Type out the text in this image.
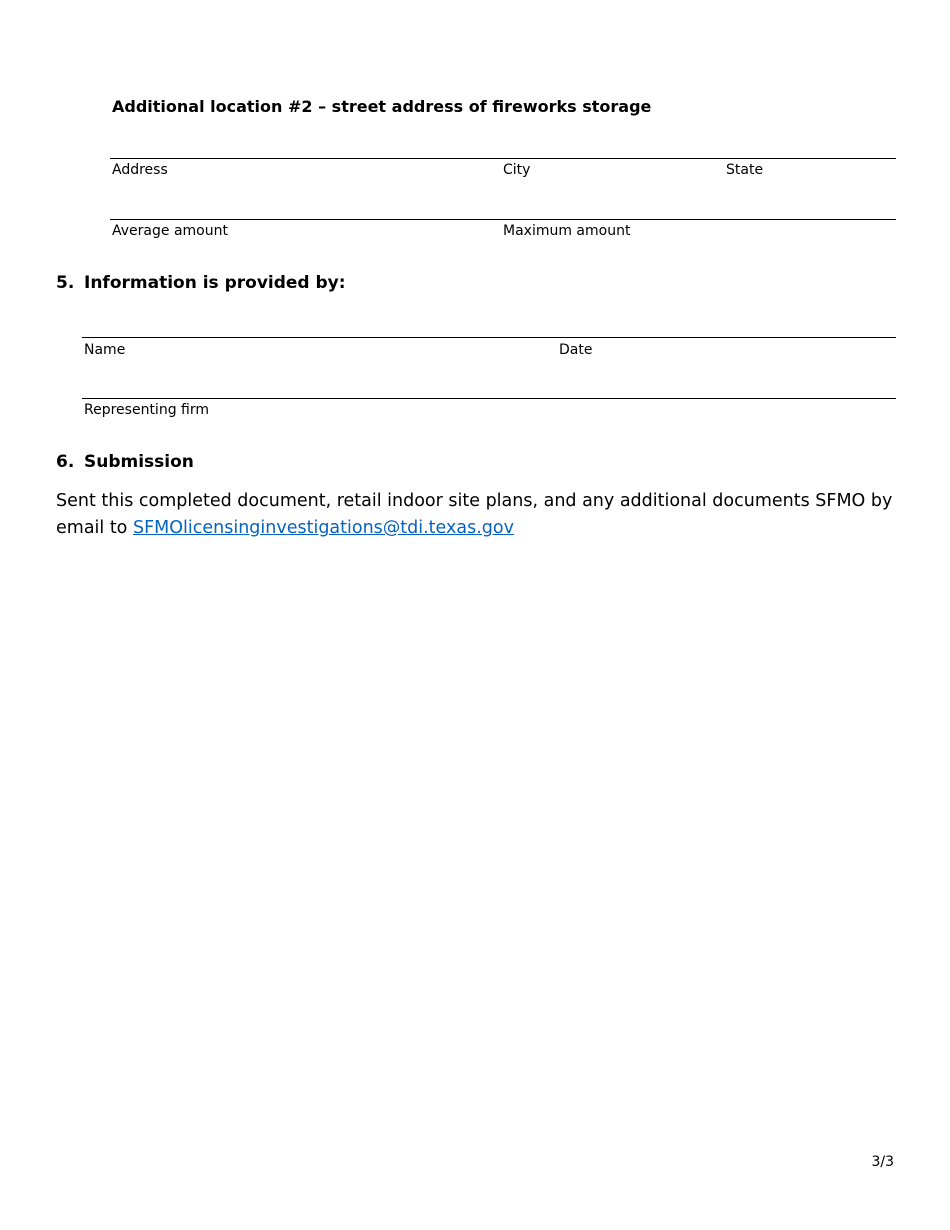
Additional location #2 – street address of fireworks storage
Address	City	State
Average amount	Maximum amount
5. Information is provided by:
Name	Date
Representing firm
6. Submission
Sent this completed document, retail indoor site plans, and any additional documents SFMO by email to SFMOlicensinginvestigations@tdi.texas.gov
3/3
